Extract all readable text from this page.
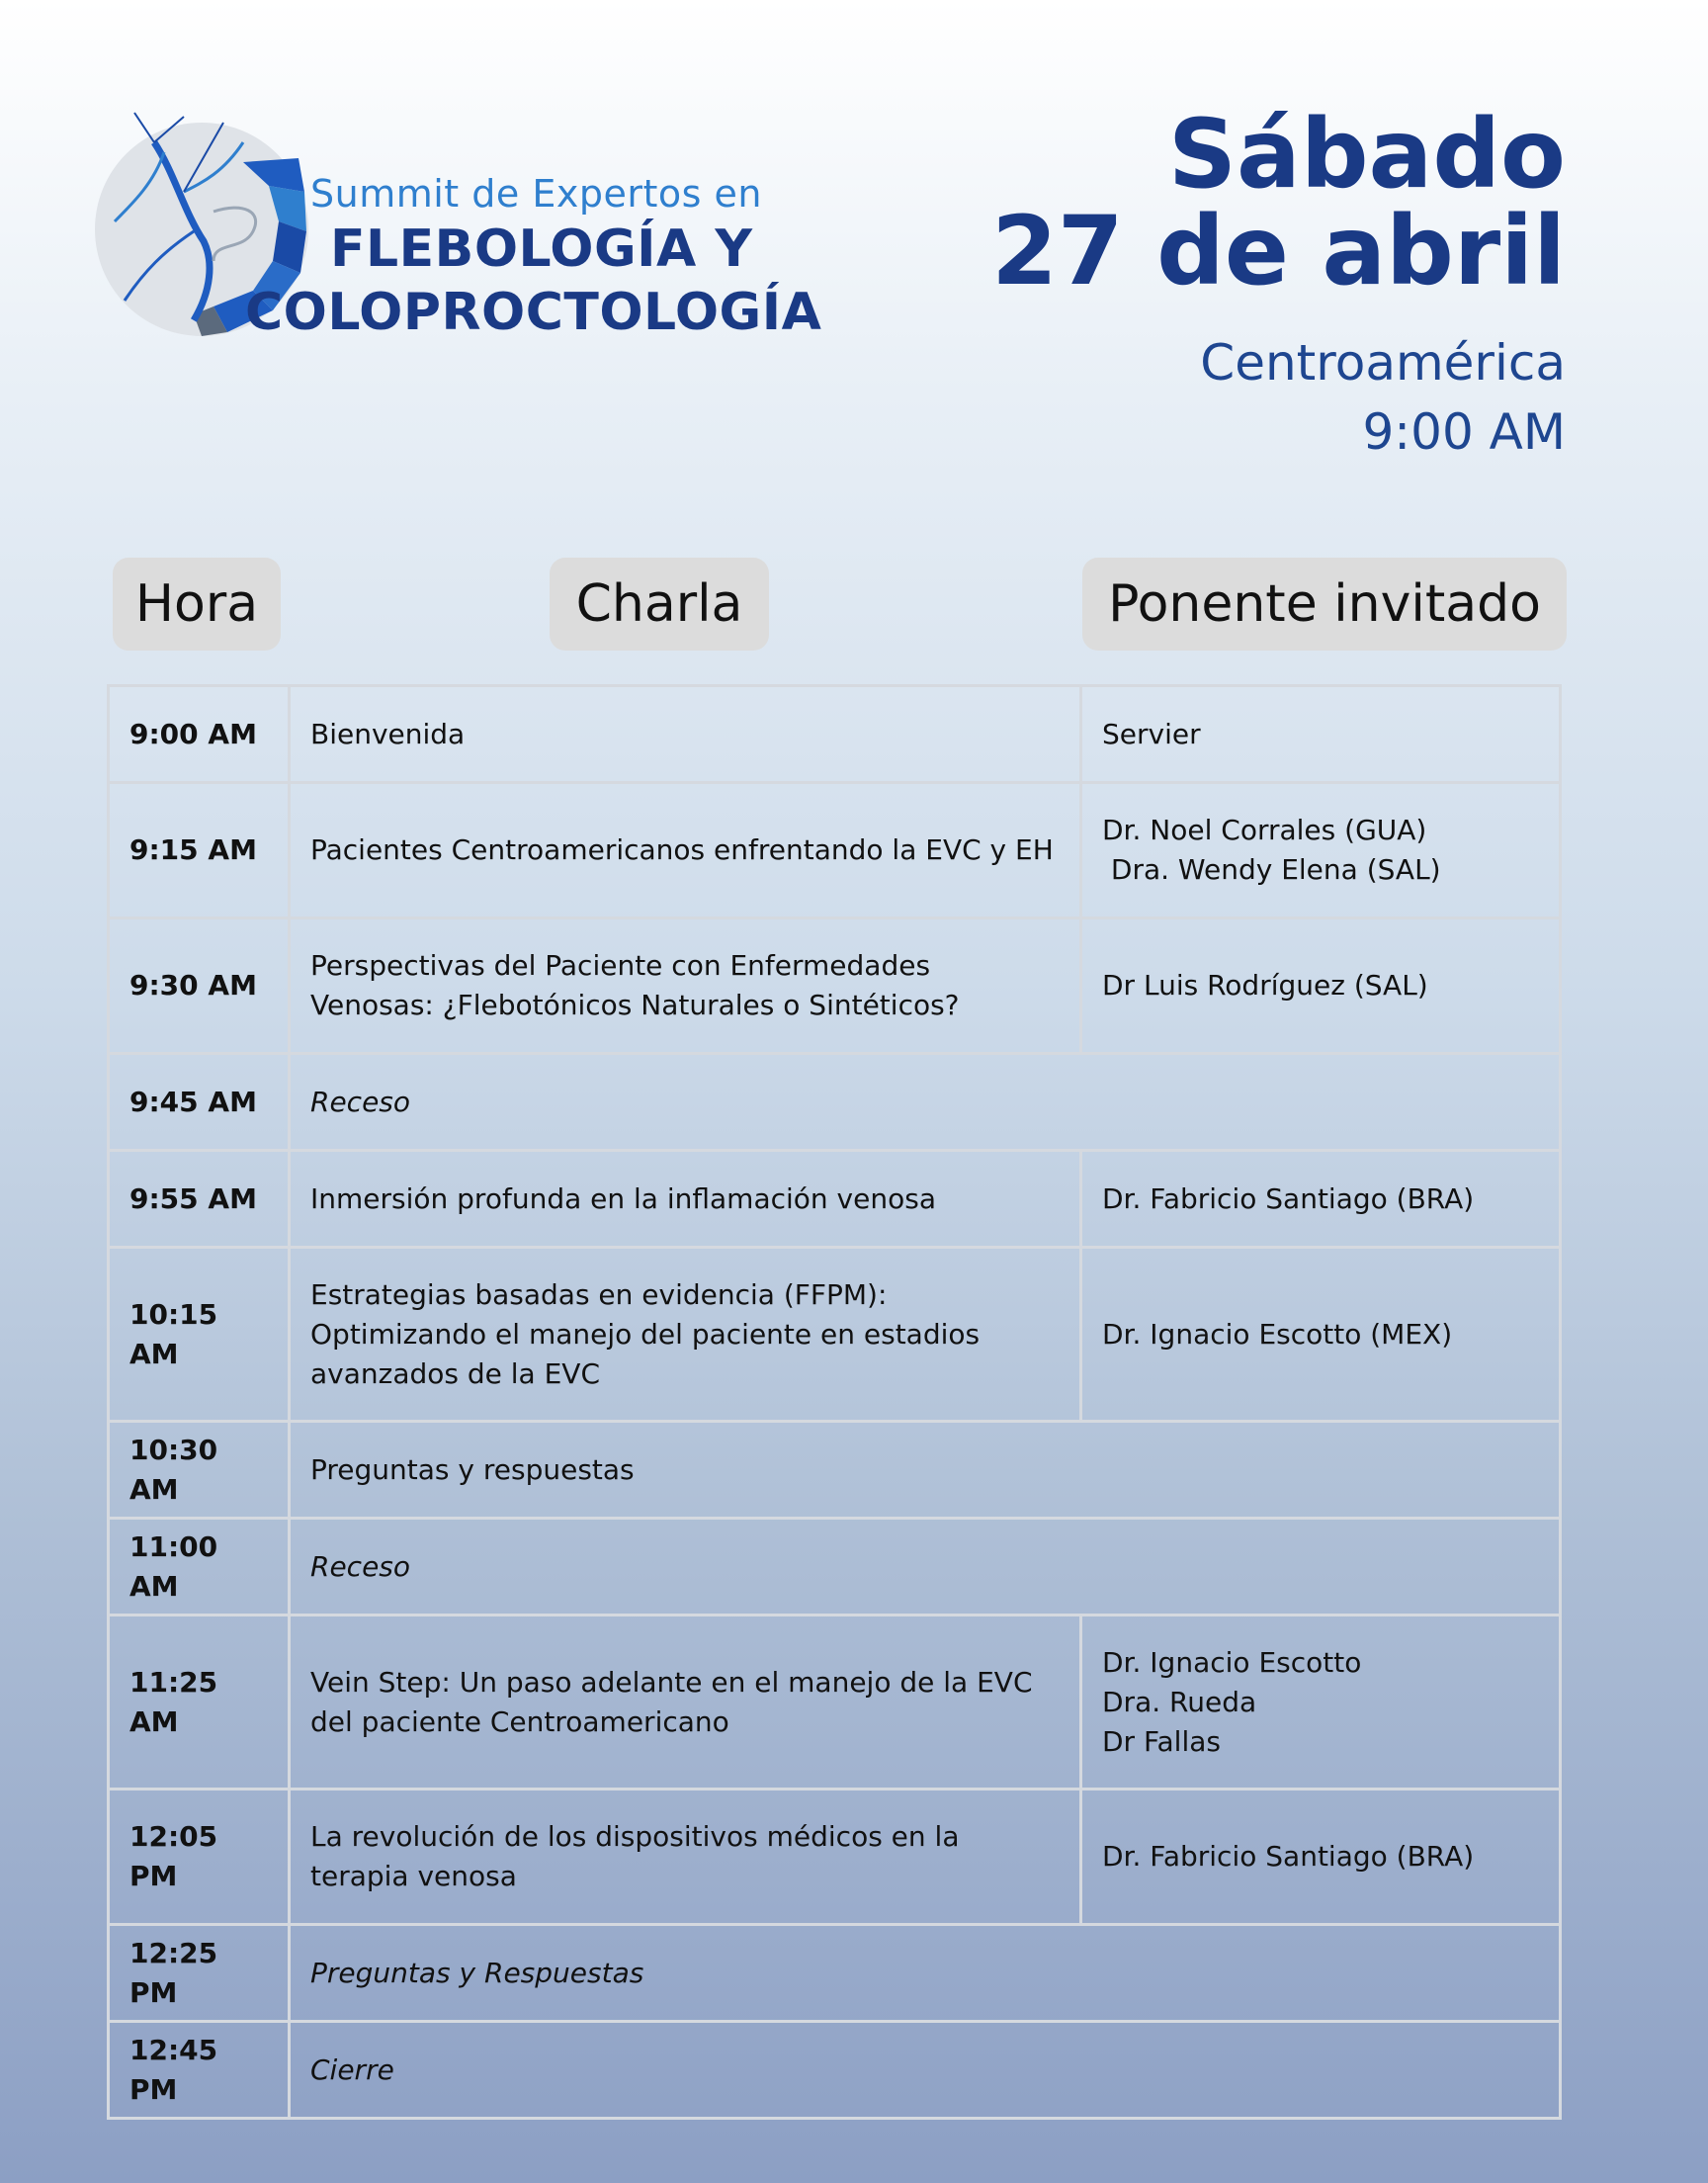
Summit de Expertos en
FLEBOLOGÍA Y
COLOPROCTOLOGÍA
Sábado
27 de abril
Centroamérica
9:00 AM
Hora	Charla	Ponente invitado
9:00 AM	Bienvenida	Servier

9:15 AM	Pacientes Centroamericanos enfrentando la EVC y EH	Dr. Noel Corrales (GUA)
Dra. Wendy Elena (SAL)

9:30 AM	Perspectivas del Paciente con Enfermedades Venosas: ¿Flebotónicos Naturales o Sintéticos?	Dr Luis Rodríguez (SAL)

9:45 AM	Receso	
9:55 AM	Inmersión profunda en la inflamación venosa	Dr. Fabricio Santiago (BRA)

10:15 AM	Estrategias basadas en evidencia (FFPM): Optimizando el manejo del paciente en estadios avanzados de la EVC	Dr. Ignacio Escotto (MEX)

10:30 AM	Preguntas y respuestas	
11:00 AM	Receso	
11:25 AM	Vein Step: Un paso adelante en el manejo de la EVC del paciente Centroamericano	Dr. Ignacio Escotto
Dra. Rueda
Dr Fallas

12:05 PM	La revolución de los dispositivos médicos en la terapia venosa	Dr. Fabricio Santiago (BRA)

12:25 PM	Preguntas y Respuestas	
12:45 PM	Cierre	
